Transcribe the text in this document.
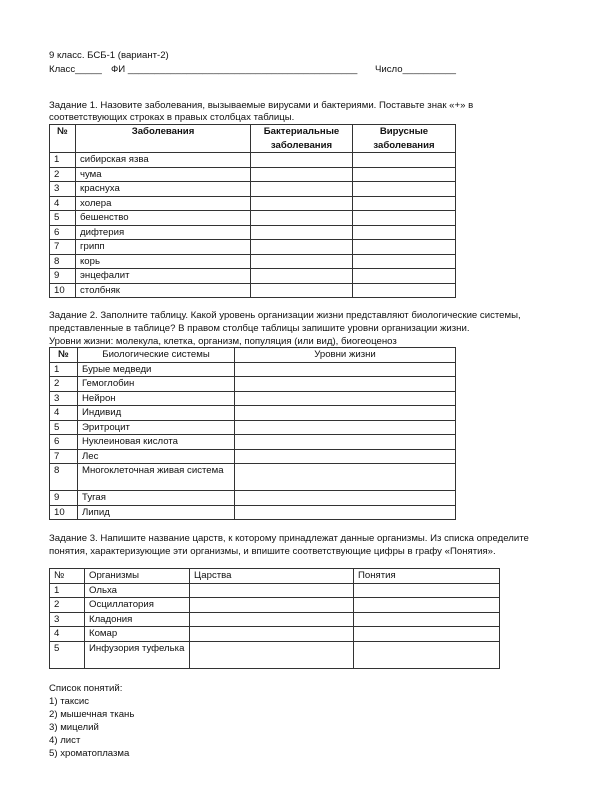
9 класс. БСБ-1 (вариант-2)
Класс_____ ФИ ___________________________________________ Число__________
Задание 1. Назовите заболевания, вызываемые вирусами и бактериями. Поставьте знак «+» в
соответствующих строках в правых столбцах таблицы.
№	Заболевания	Бактериальные заболевания	Вирусные заболевания
1	сибирская язва		
2	чума		
3	краснуха		
4	холера		
5	бешенство		
6	дифтерия		
7	грипп		
8	корь		
9	энцефалит		
10	столбняк		
Задание 2. Заполните таблицу. Какой уровень организации жизни представляют биологические системы,
представленные в таблице? В правом столбце таблицы запишите уровни организации жизни.
Уровни жизни: молекула, клетка, организм, популяция (или вид), биогеоценоз
№	Биологические системы	Уровни жизни
1	Бурые медведи	
2	Гемоглобин	
3	Нейрон	
4	Индивид	
5	Эритроцит	
6	Нуклеиновая кислота	
7	Лес	
8	Многоклеточная живая система	
9	Тугая	
10	Липид	
Задание 3. Напишите название царств, к которому принадлежат данные организмы. Из списка определите
понятия, характеризующие эти организмы, и впишите соответствующие цифры в графу «Понятия».
№	Организмы	Царства	Понятия
1	Ольха		
2	Осциллатория		
3	Кладония		
4	Комар		
5	Инфузория туфелька		
Список понятий:
1) таксис
2) мышечная ткань
3) мицелий
4) лист
5) хроматоплазма
